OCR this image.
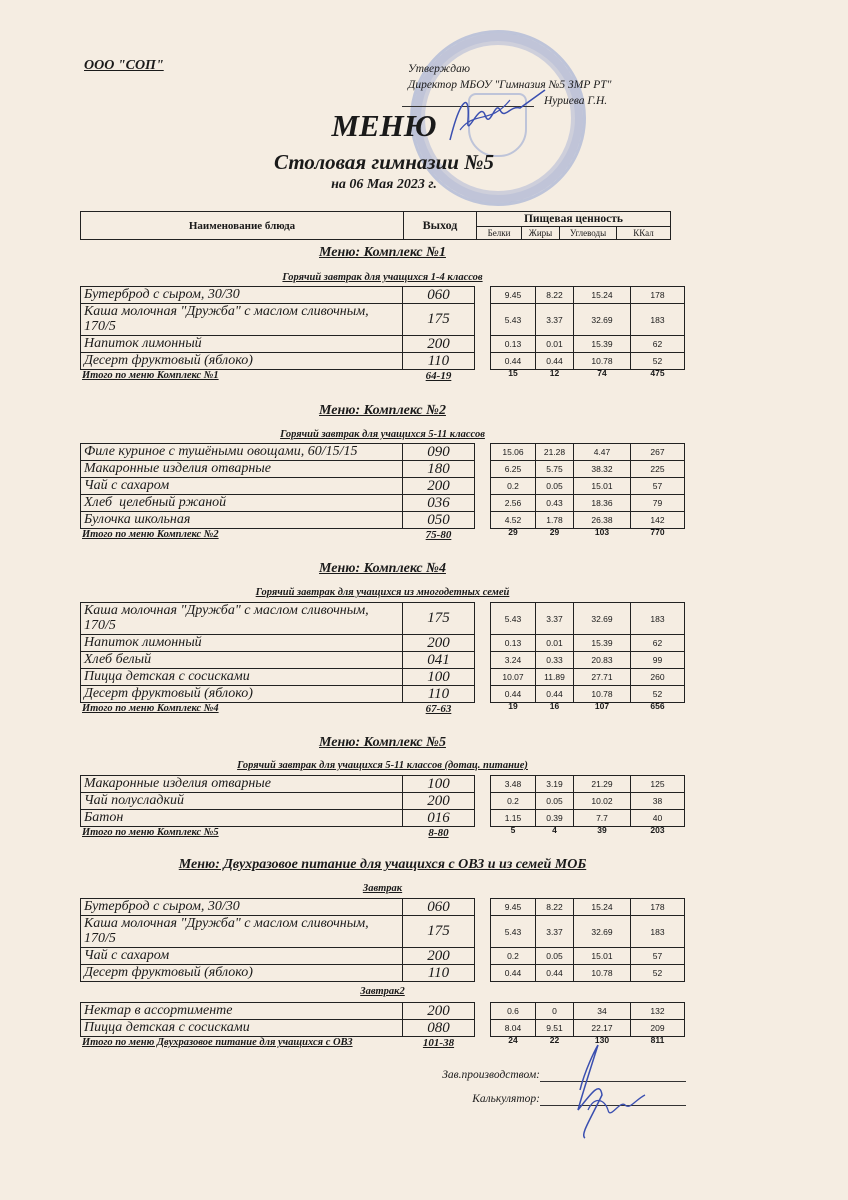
ООО "СОП"	Утверждаю
Директор МБОУ "Гимназия №5 ЗМР РТ"
Нуриева Г.Н.
МЕНЮ
Столовая гимназии №5
на 06 Мая 2023 г.
Наименование блюда	Выход	Пищевая ценность			
		Белки	Жиры	Углеводы	ККал
Меню: Комплекс №1
Горячий завтрак для учащихся 1-4 классов
Бутерброд с сыром, 30/30	060	9.45	8.22	15.24	178
Каша молочная "Дружба" с маслом сливочным, 170/5	175	5.43	3.37	32.69	183
Напиток лимонный	200	0.13	0.01	15.39	62
Десерт фруктовый (яблоко)	110	0.44	0.44	10.78	52
Итого по меню Комплекс №1	64-19	15	12	74	475
Меню: Комплекс №2
Горячий завтрак для учащихся 5-11 классов
Филе куриное с тушёными овощами, 60/15/15	090	15.06	21.28	4.47	267
Макаронные изделия отварные	180	6.25	5.75	38.32	225
Чай с сахаром	200	0.2	0.05	15.01	57
Хлеб  целебный ржаной	036	2.56	0.43	18.36	79
Булочка школьная	050	4.52	1.78	26.38	142
Итого по меню Комплекс №2	75-80	29	29	103	770
Меню: Комплекс №4
Горячий завтрак для учащихся из многодетных семей
Каша молочная "Дружба" с маслом сливочным, 170/5	175	5.43	3.37	32.69	183
Напиток лимонный	200	0.13	0.01	15.39	62
Хлеб белый	041	3.24	0.33	20.83	99
Пицца детская с сосисками	100	10.07	11.89	27.71	260
Десерт фруктовый (яблоко)	110	0.44	0.44	10.78	52
Итого по меню Комплекс №4	67-63	19	16	107	656
Меню: Комплекс №5
Горячий завтрак для учащихся 5-11 классов (дотац. питание)
Макаронные изделия отварные	100	3.48	3.19	21.29	125
Чай полусладкий	200	0.2	0.05	10.02	38
Батон	016	1.15	0.39	7.7	40
Итого по меню Комплекс №5	8-80	5	4	39	203
Меню: Двухразовое питание для учащихся с ОВЗ и из семей МОБ
Завтрак
Бутерброд с сыром, 30/30	060	9.45	8.22	15.24	178
Каша молочная "Дружба" с маслом сливочным, 170/5	175	5.43	3.37	32.69	183
Чай с сахаром	200	0.2	0.05	15.01	57
Десерт фруктовый (яблоко)	110	0.44	0.44	10.78	52
Завтрак2
Нектар в ассортименте	200	0.6	0	34	132
Пицца детская с сосисками	080	8.04	9.51	22.17	209
Итого по меню Двухразовое питание для учащихся с ОВЗ	101-38	24	22	130	811
Зав.производством:
Калькулятор:
